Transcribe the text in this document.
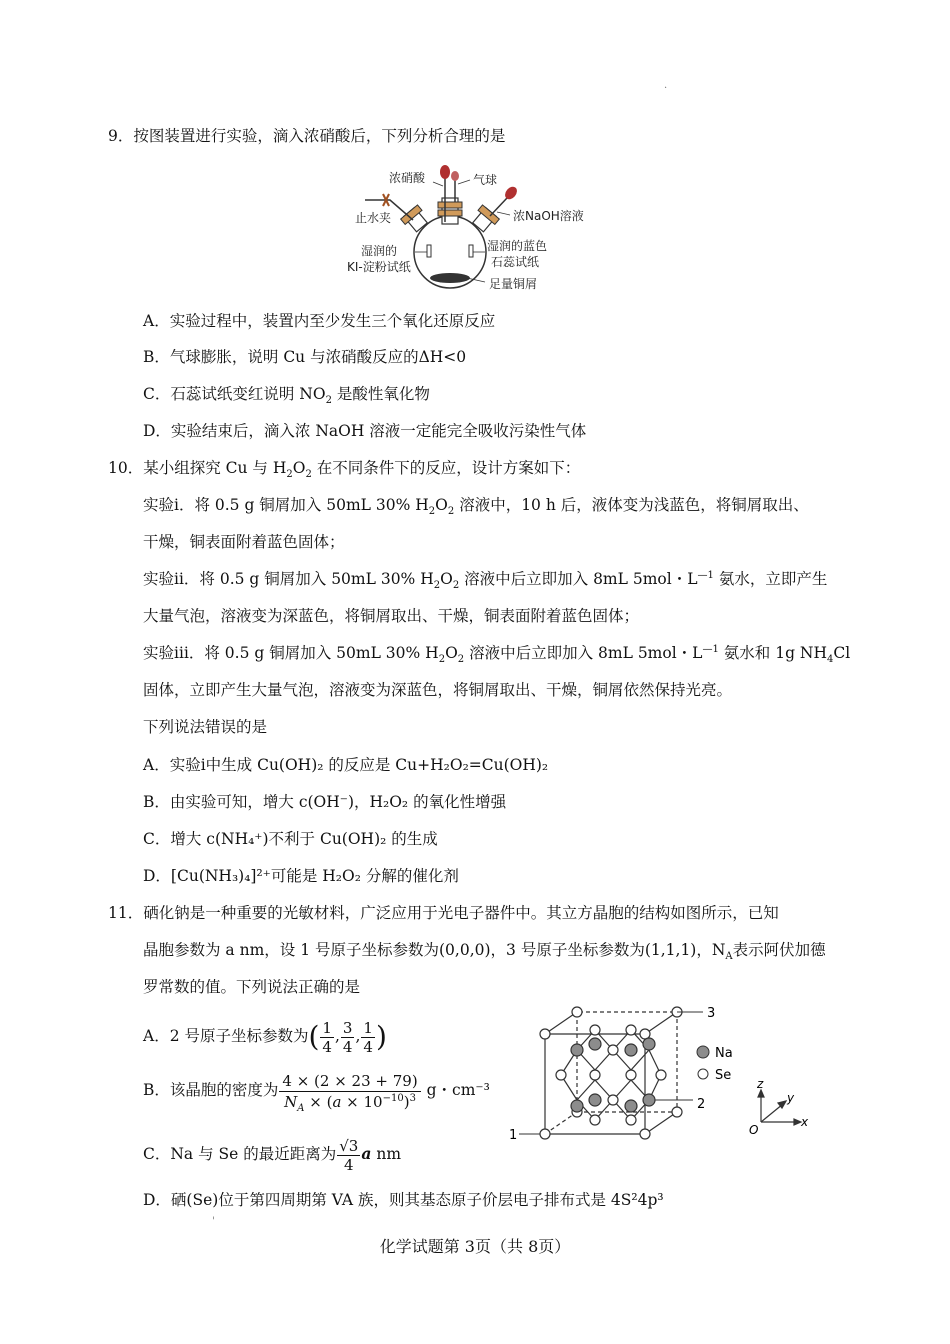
.
'
9．按图装置进行实验，滴入浓硝酸后，下列分析合理的是
浓硝酸	气球
止水夹	浓NaOH溶液
湿润的
KI-淀粉试纸
湿润的蓝色
石蕊试纸
足量铜屑
A．实验过程中，装置内至少发生三个氧化还原反应
B．气球膨胀，说明 Cu 与浓硝酸反应的ΔH<0
C．石蕊试纸变红说明 $NO_2$ 是酸性氧化物
D．实验结束后，滴入浓 NaOH 溶液一定能完全吸收污染性气体
10．某小组探究 Cu 与 $H_2O_2$ 在不同条件下的反应，设计方案如下：
实验ⅰ．将 0.5 g 铜屑加入 50mL 30% $H_2O_2$ 溶液中，10 h 后，液体变为浅蓝色，将铜屑取出、
干燥，铜表面附着蓝色固体；
实验ⅱ．将 0.5 g 铜屑加入 50mL 30% $H_2O_2$ 溶液中后立即加入 8mL 5mol・$L^{—1}$ 氨水，立即产生
大量气泡，溶液变为深蓝色，将铜屑取出、干燥，铜表面附着蓝色固体；
实验ⅲ．将 0.5 g 铜屑加入 50mL 30% $H_2O_2$ 溶液中后立即加入 8mL 5mol・$L^{—1}$ 氨水和 1g $NH_4Cl$
固体，立即产生大量气泡，溶液变为深蓝色，将铜屑取出、干燥，铜屑依然保持光亮。
下列说法错误的是
A．实验ⅰ中生成 Cu(OH)₂ 的反应是 Cu+H₂O₂=Cu(OH)₂
B．由实验可知，增大 c(OH⁻)，H₂O₂ 的氧化性增强
C．增大 c(NH₄⁺)不利于 Cu(OH)₂ 的生成
D．[Cu(NH₃)₄]²⁺可能是 H₂O₂ 分解的催化剂
11．硒化钠是一种重要的光敏材料，广泛应用于光电子器件中。其立方晶胞的结构如图所示，已知
晶胞参数为 a nm，设 1 号原子坐标参数为(0,0,0)，3 号原子坐标参数为(1,1,1)，$N_A$表示阿伏加德
罗常数的值。下列说法正确的是
A．2 号原子坐标参数为( $\frac{1}{4}$ , $\frac{3}{4}$ , $\frac{1}{4}$ )
B．该晶胞的密度为 $\frac{4 \times (2 \times 23 + 79)}{N_A \times (a \times 10^{-10})^3}$ g・cm⁻³
C．Na 与 Se 的最近距离为 $\frac{√3}{4}$ a nm
D．硒(Se)位于第四周期第 VA 族，则其基态原子价层电子排布式是 4S²4p³
3
2
1
Na
Se
z
y
x
O
化学试题第 3页（共 8页）
